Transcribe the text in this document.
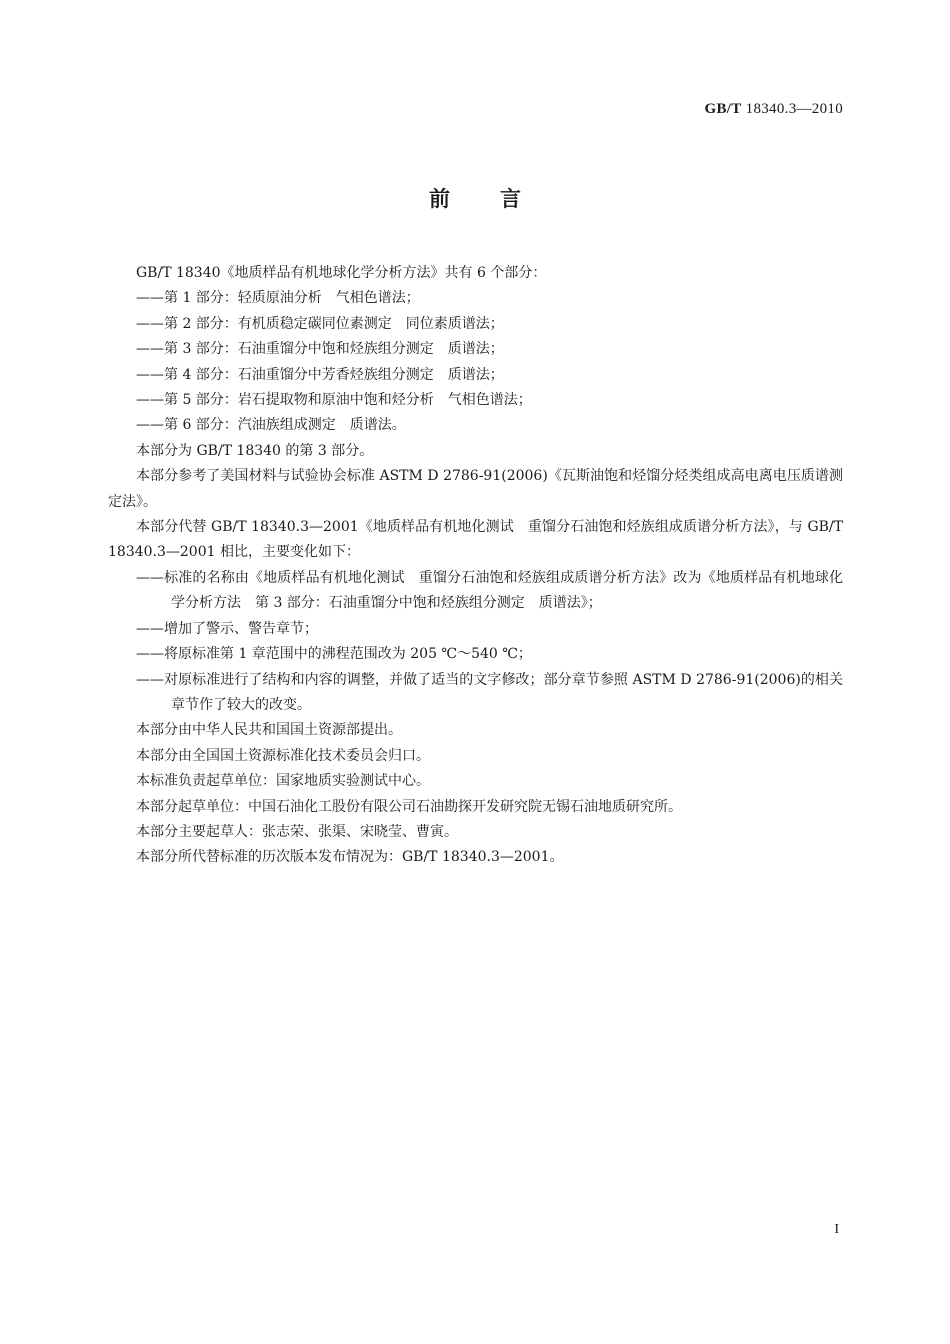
GB/T 18340.3—2010
前言

GB/T 18340《地质样品有机地球化学分析方法》共有 6 个部分：

——第 1 部分：轻质原油分析　气相色谱法；

——第 2 部分：有机质稳定碳同位素测定　同位素质谱法；

——第 3 部分：石油重馏分中饱和烃族组分测定　质谱法；

——第 4 部分：石油重馏分中芳香烃族组分测定　质谱法；

——第 5 部分：岩石提取物和原油中饱和烃分析　气相色谱法；

——第 6 部分：汽油族组成测定　质谱法。

本部分为 GB/T 18340 的第 3 部分。

本部分参考了美国材料与试验协会标准 ASTM D 2786-91(2006)《瓦斯油饱和烃馏分烃类组成高电离电压质谱测定法》。

本部分代替 GB/T 18340.3—2001《地质样品有机地化测试　重馏分石油饱和烃族组成质谱分析方法》，与 GB/T 18340.3—2001 相比，主要变化如下：

——标准的名称由《地质样品有机地化测试　重馏分石油饱和烃族组成质谱分析方法》改为《地质样品有机地球化学分析方法　第 3 部分：石油重馏分中饱和烃族组分测定　质谱法》；

——增加了警示、警告章节；

——将原标准第 1 章范围中的沸程范围改为 205 ℃～540 ℃；

——对原标准进行了结构和内容的调整，并做了适当的文字修改；部分章节参照 ASTM D 2786-91(2006)的相关章节作了较大的改变。

本部分由中华人民共和国国土资源部提出。

本部分由全国国土资源标准化技术委员会归口。

本标准负责起草单位：国家地质实验测试中心。

本部分起草单位：中国石油化工股份有限公司石油勘探开发研究院无锡石油地质研究所。

本部分主要起草人：张志荣、张渠、宋晓莹、曹寅。

本部分所代替标准的历次版本发布情况为：GB/T 18340.3—2001。

I
